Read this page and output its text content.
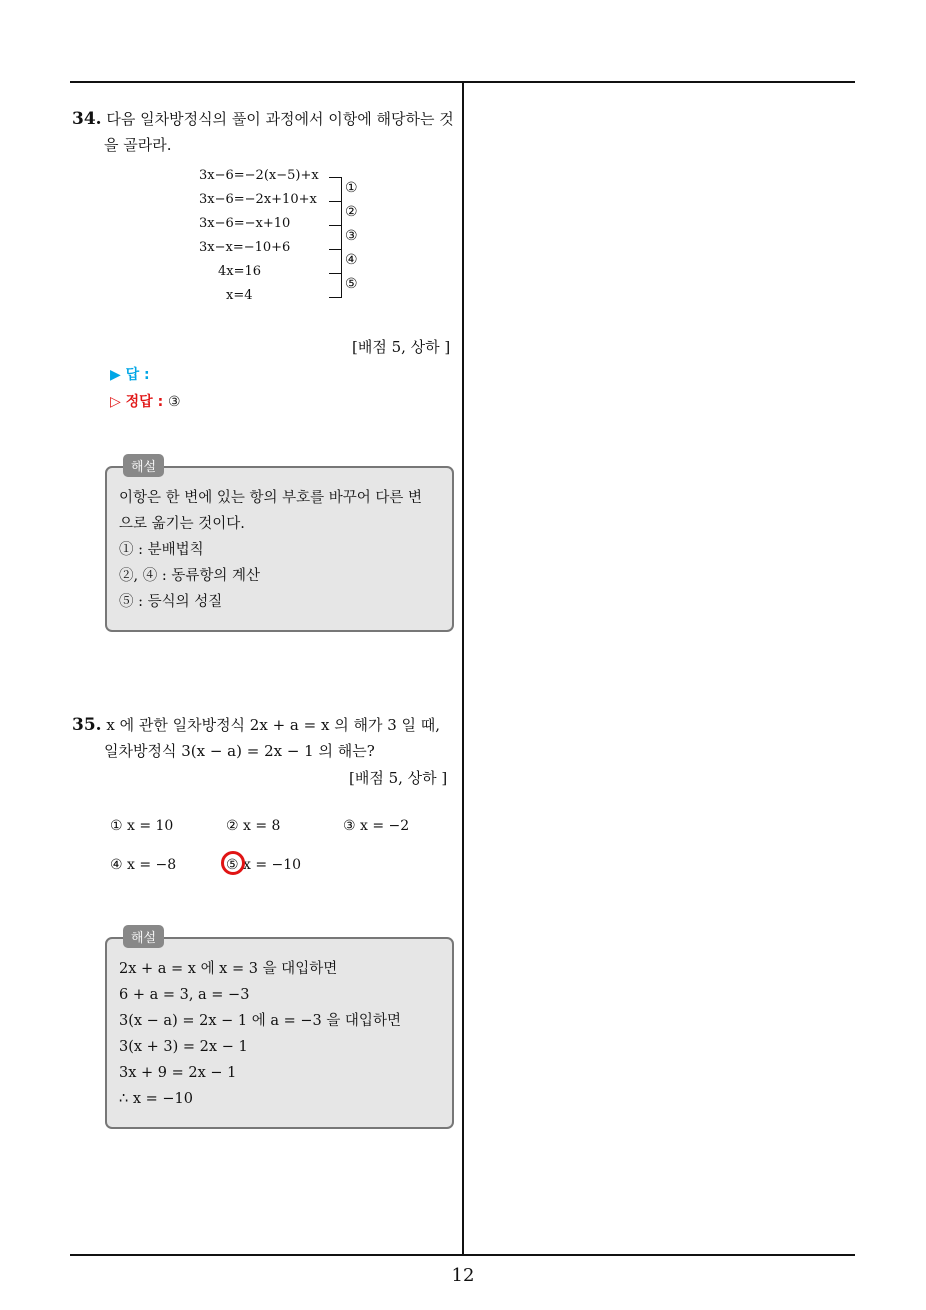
34. 다음 일차방정식의 풀이 과정에서 이항에 해당하는 것
을 골라라.
3x−6=−2(x−5)+x
3x−6=−2x+10+x
3x−6=−x+10
3x−x=−10+6
4x=16
x=4
①
②
③
④
⑤
[배점 5, 상하 ]
▶ 답 :
▷ 정답 : ③
해설
이항은 한 변에 있는 항의 부호를 바꾸어 다른 변
으로 옮기는 것이다.
① : 분배법칙
②, ④ : 동류항의 계산
⑤ : 등식의 성질
35. x 에 관한 일차방정식 2x + a = x 의 해가 3 일 때,
일차방정식 3(x − a) = 2x − 1 의 해는?
[배점 5, 상하 ]
① x = 10	② x = 8	③ x = −2
④ x = −8	⑤ x = −10
해설
2x + a = x 에 x = 3 을 대입하면
6 + a = 3, a = −3
3(x − a) = 2x − 1 에 a = −3 을 대입하면
3(x + 3) = 2x − 1
3x + 9 = 2x − 1
∴ x = −10
12
